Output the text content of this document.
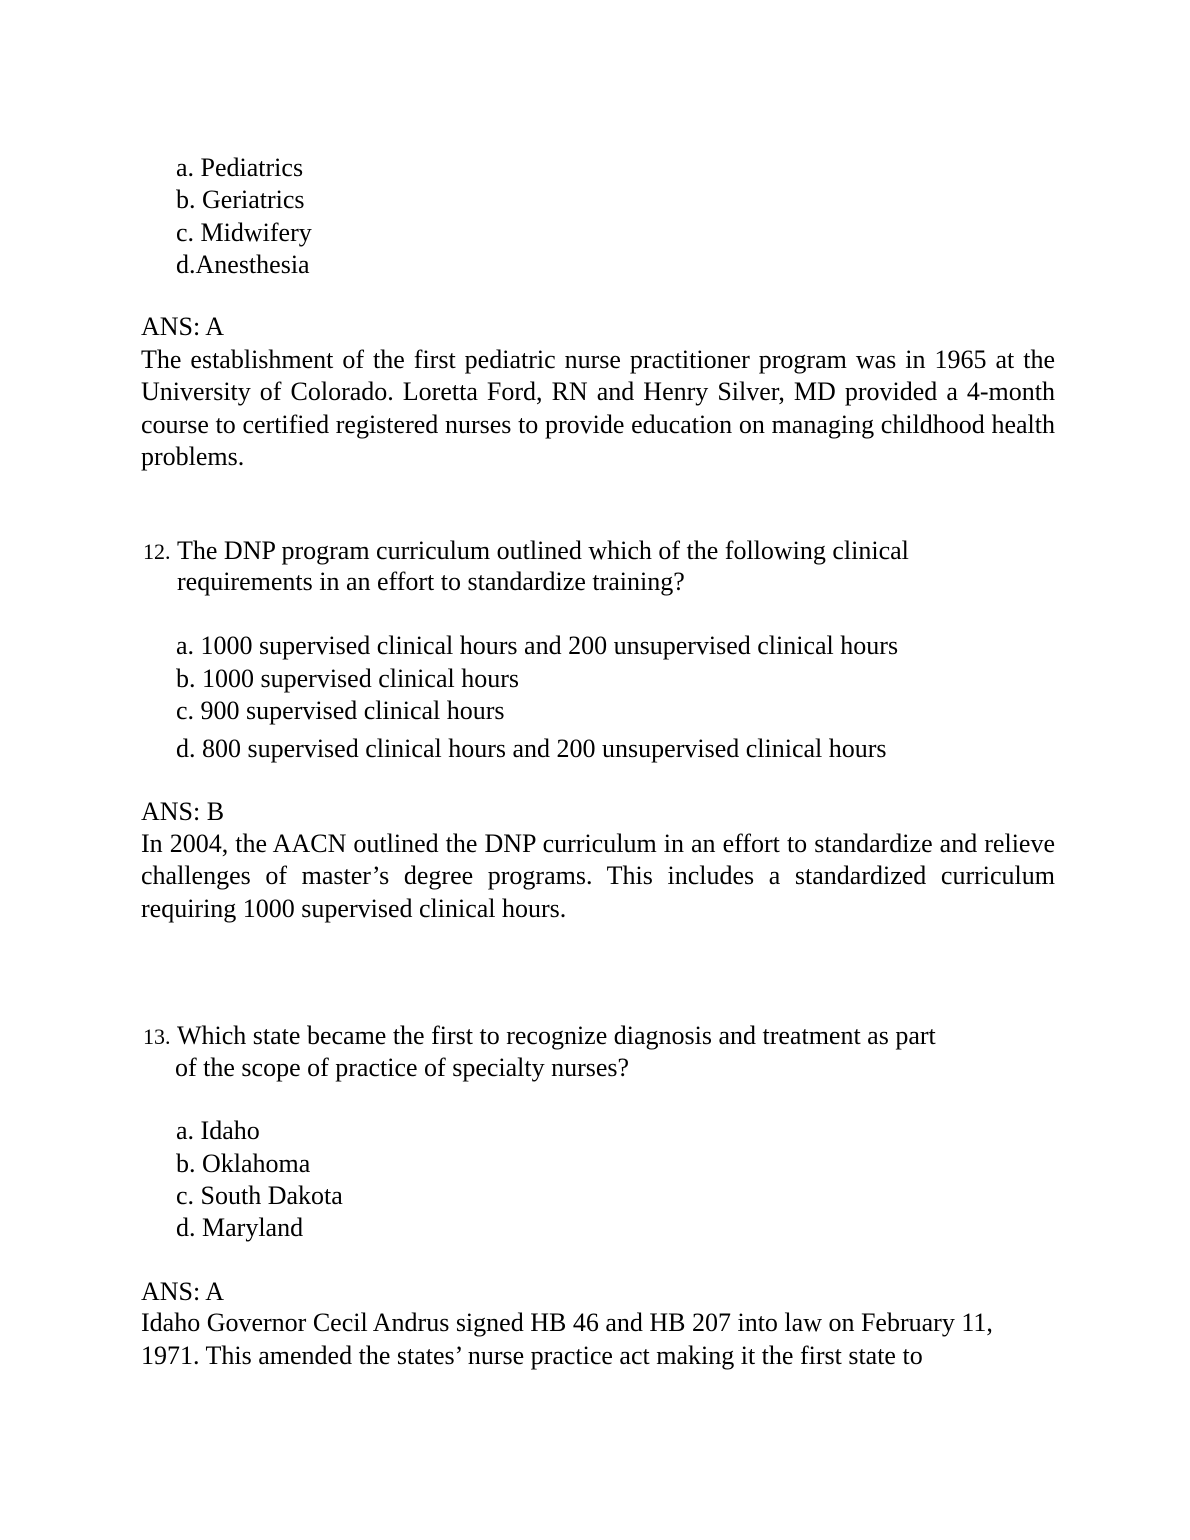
a. Pediatrics
b. Geriatrics
c. Midwifery
d.Anesthesia
ANS: A
The establishment of the first pediatric nurse practitioner program was in 1965 at the University of Colorado. Loretta Ford, RN and Henry Silver, MD provided a 4-month course to certified registered nurses to provide education on managing childhood health problems.
12. The DNP program curriculum outlined which of the following clinical
requirements in an effort to standardize training?
a. 1000 supervised clinical hours and 200 unsupervised clinical hours
b. 1000 supervised clinical hours
c. 900 supervised clinical hours
d. 800 supervised clinical hours and 200 unsupervised clinical hours
ANS: B
In 2004, the AACN outlined the DNP curriculum in an effort to standardize and relieve challenges of master’s degree programs. This includes a standardized curriculum requiring 1000 supervised clinical hours.
13. Which state became the first to recognize diagnosis and treatment as part
of the scope of practice of specialty nurses?
a. Idaho
b. Oklahoma
c. South Dakota
d. Maryland
ANS: A
Idaho Governor Cecil Andrus signed HB 46 and HB 207 into law on February 11,
1971. This amended the states’ nurse practice act making it the first state to
